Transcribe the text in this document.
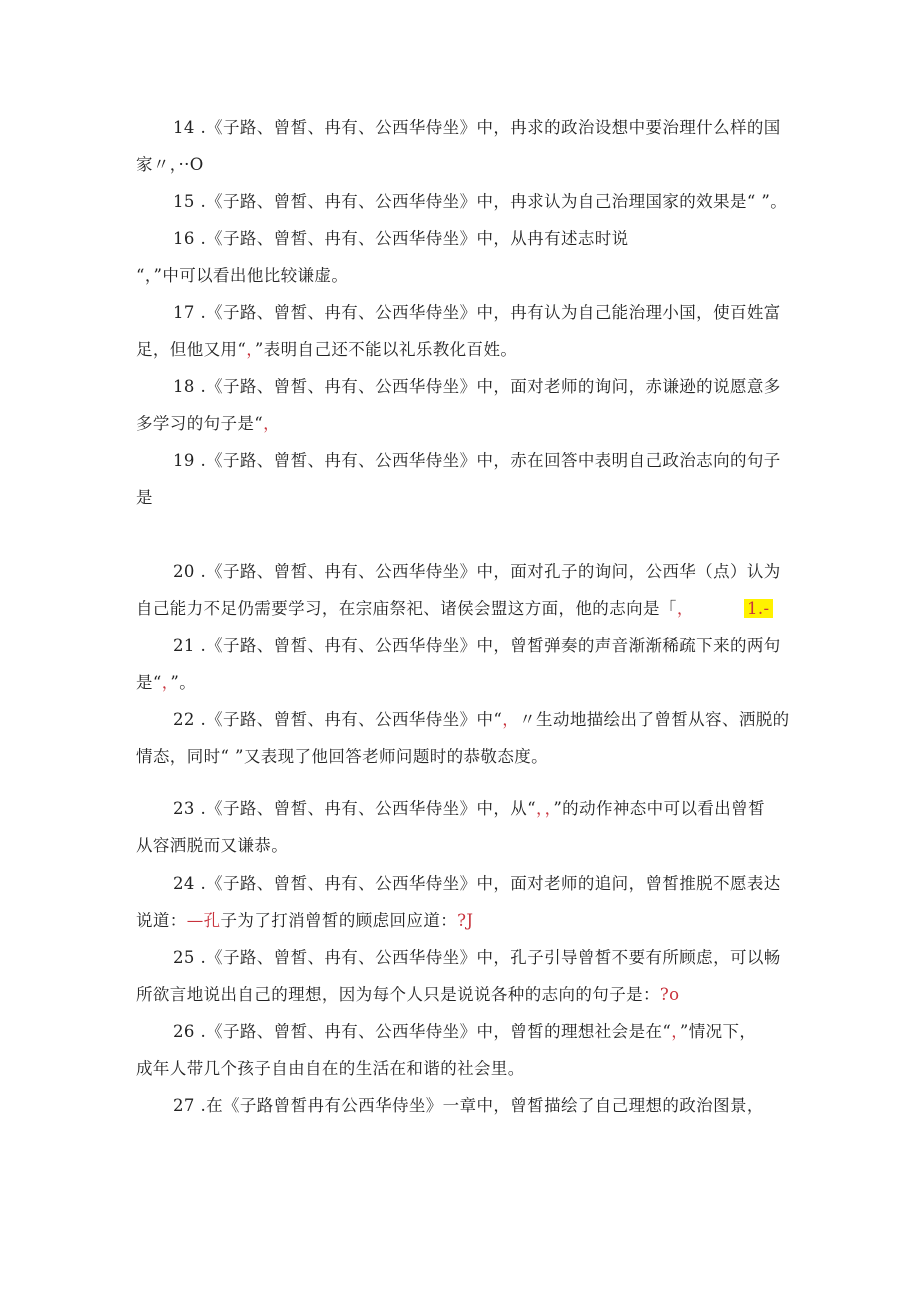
14 .《子路、曾皙、冉有、公西华侍坐》中，冉求的政治设想中要治理什么样的国
家〃，··O
15 .《子路、曾皙、冉有、公西华侍坐》中，冉求认为自己治理国家的效果是“ ”。
16 .《子路、曾皙、冉有、公西华侍坐》中，从冉有述志时说
“，”中可以看出他比较谦虚。
17 .《子路、曾皙、冉有、公西华侍坐》中，冉有认为自己能治理小国，使百姓富
足，但他又用“，”表明自己还不能以礼乐教化百姓。
18 .《子路、曾皙、冉有、公西华侍坐》中，面对老师的询问，赤谦逊的说愿意多
多学习的句子是“，
19 .《子路、曾皙、冉有、公西华侍坐》中，赤在回答中表明自己政治志向的句子
是
20 .《子路、曾皙、冉有、公西华侍坐》中，面对孔子的询问，公西华（点）认为
自己能力不足仍需要学习，在宗庙祭祀、诸侯会盟这方面，他的志向是「，	1.-
21 .《子路、曾皙、冉有、公西华侍坐》中，曾皙弹奏的声音渐渐稀疏下来的两句
是“，”。
22 .《子路、曾皙、冉有、公西华侍坐》中“，〃生动地描绘出了曾皙从容、洒脱的
情态，同时“ ”又表现了他回答老师问题时的恭敬态度。
23 .《子路、曾皙、冉有、公西华侍坐》中，从“，，”的动作神态中可以看出曾皙
从容洒脱而又谦恭。
24 .《子路、曾皙、冉有、公西华侍坐》中，面对老师的追问，曾皙推脱不愿表达
说道：—孔子为了打消曾皙的顾虑回应道：?J
25 .《子路、曾皙、冉有、公西华侍坐》中，孔子引导曾皙不要有所顾虑，可以畅
所欲言地说出自己的理想，因为每个人只是说说各种的志向的句子是：?o
26 .《子路、曾皙、冉有、公西华侍坐》中，曾皙的理想社会是在“，”情况下，
成年人带几个孩子自由自在的生活在和谐的社会里。
27 .在《子路曾皙冉有公西华侍坐》一章中，曾皙描绘了自己理想的政治图景，
